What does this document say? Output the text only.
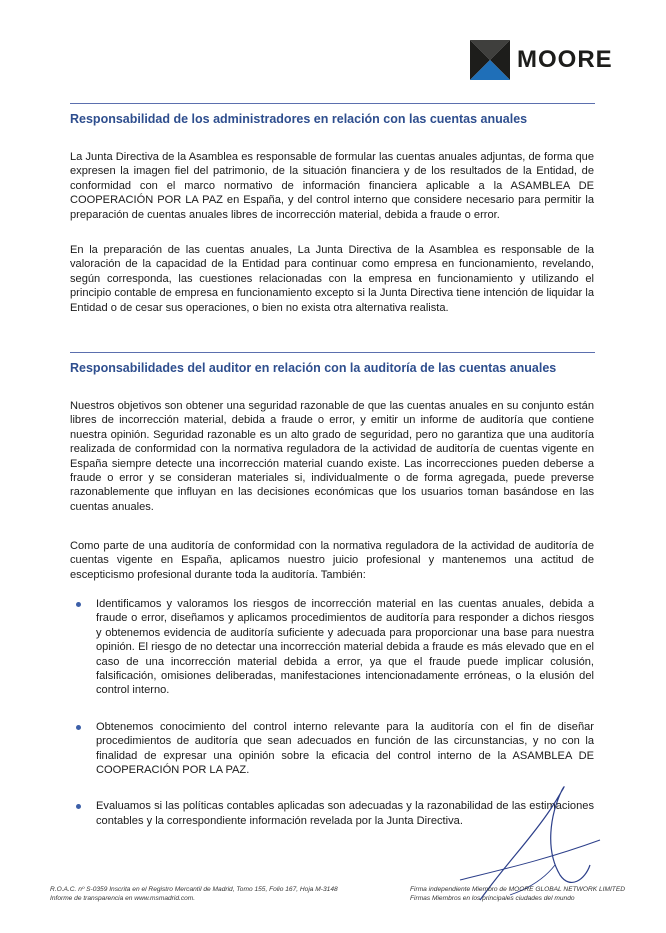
MOORE
Responsabilidad de los administradores en relación con las cuentas anuales

La Junta Directiva de la Asamblea es responsable de formular las cuentas anuales adjuntas, de forma que expresen la imagen fiel del patrimonio, de la situación financiera y de los resultados de la Entidad, de conformidad con el marco normativo de información financiera aplicable a la ASAMBLEA DE COOPERACIÓN POR LA PAZ en España, y del control interno que considere necesario para permitir la preparación de cuentas anuales libres de incorrección material, debida a fraude o error.

En la preparación de las cuentas anuales, La Junta Directiva de la Asamblea es responsable de la valoración de la capacidad de la Entidad para continuar como empresa en funcionamiento, revelando, según corresponda, las cuestiones relacionadas con la empresa en funcionamiento y utilizando el principio contable de empresa en funcionamiento excepto si la Junta Directiva tiene intención de liquidar la Entidad o de cesar sus operaciones, o bien no exista otra alternativa realista.

Responsabilidades del auditor en relación con la auditoría de las cuentas anuales

Nuestros objetivos son obtener una seguridad razonable de que las cuentas anuales en su conjunto están libres de incorrección material, debida a fraude o error, y emitir un informe de auditoría que contiene nuestra opinión. Seguridad razonable es un alto grado de seguridad, pero no garantiza que una auditoría realizada de conformidad con la normativa reguladora de la actividad de auditoría de cuentas vigente en España siempre detecte una incorrección material cuando existe. Las incorrecciones pueden deberse a fraude o error y se consideran materiales si, individualmente o de forma agregada, puede preverse razonablemente que influyan en las decisiones económicas que los usuarios toman basándose en las cuentas anuales.

Como parte de una auditoría de conformidad con la normativa reguladora de la actividad de auditoría de cuentas vigente en España, aplicamos nuestro juicio profesional y mantenemos una actitud de escepticismo profesional durante toda la auditoría. También:

Identificamos y valoramos los riesgos de incorrección material en las cuentas anuales, debida a fraude o error, diseñamos y aplicamos procedimientos de auditoría para responder a dichos riesgos y obtenemos evidencia de auditoría suficiente y adecuada para proporcionar una base para nuestra opinión. El riesgo de no detectar una incorrección material debida a fraude es más elevado que en el caso de una incorrección material debida a error, ya que el fraude puede implicar colusión, falsificación, omisiones deliberadas, manifestaciones intencionadamente erróneas, o la elusión del control interno.
Obtenemos conocimiento del control interno relevante para la auditoría con el fin de diseñar procedimientos de auditoría que sean adecuados en función de las circunstancias, y no con la finalidad de expresar una opinión sobre la eficacia del control interno de la ASAMBLEA DE COOPERACIÓN POR LA PAZ.
Evaluamos si las políticas contables aplicadas son adecuadas y la razonabilidad de las estimaciones contables y la correspondiente información revelada por la Junta Directiva.
R.O.A.C. nº S-0359 Inscrita en el Registro Mercantil de Madrid, Tomo 155, Folio 167, Hoja M-3148
Informe de transparencia en www.msmadrid.com.
Firma independiente Miembro de MOORE GLOBAL NETWORK LIMITED
Firmas Miembros en los principales ciudades del mundo
